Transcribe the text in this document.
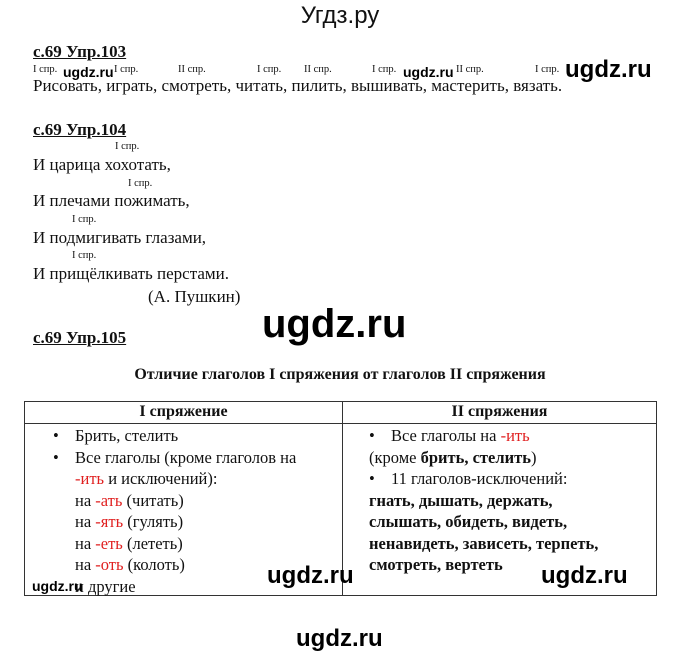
Угдз.ру
с.69 Упр.103
I спр.	I спр.	II спр.	I спр. II спр.	I спр.	II спр.	I спр.
Рисовать, играть, смотреть, читать, пилить, вышивать, мастерить, вязать.
с.69 Упр.104
I спр.
И царица хохотать,
I спр.
И плечами пожимать,
I спр.
И подмигивать глазами,
I спр.
И прищёлкивать перстами.
(А. Пушкин)
с.69 Упр.105
Отличие глаголов I спряжения от глаголов II спряжения
I спряжение	II спряжения
• Брить, стелить
• Все глаголы (кроме глаголов на
-ить и исключений):
на -ать (читать)
на -ять (гулять)
на -еть (лететь)
на -оть (колоть)
и другие
• Все глаголы на -ить
(кроме брить, стелить)
• 11 глаголов-исключений:
гнать, дышать, держать,
слышать, обидеть, видеть,
ненавидеть, зависеть, терпеть,
смотреть, вертеть
ugdz.ru	ugdz.ru	ugdz.ru
ugdz.ru
ugdz.ru	ugdz.ru	ugdz.ru
ugdz.ru
